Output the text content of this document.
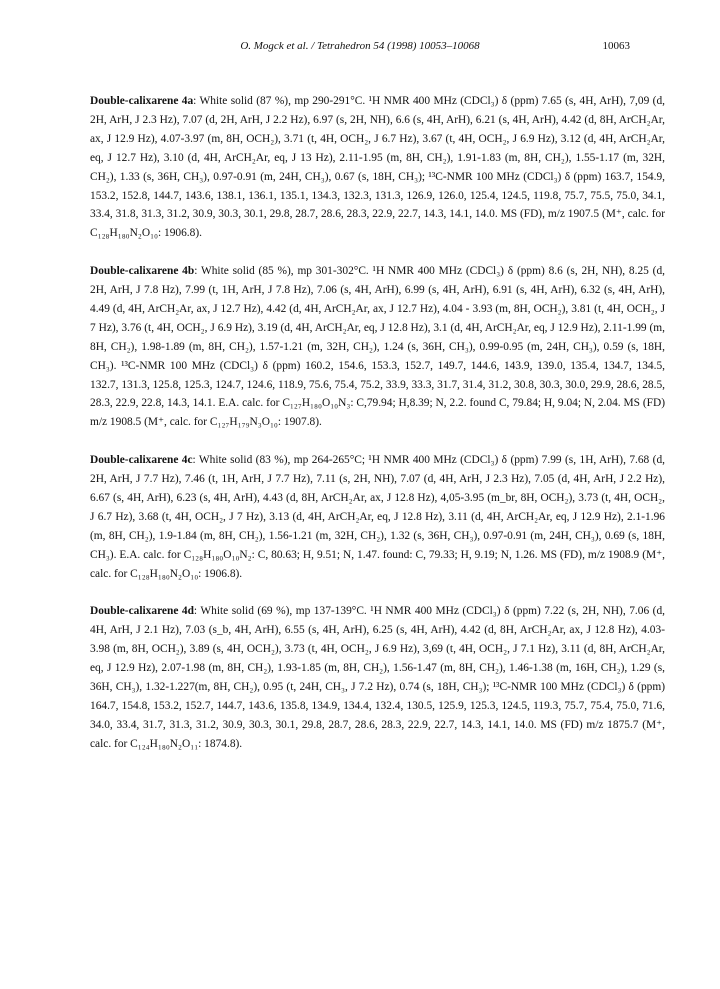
O. Mogck et al. / Tetrahedron 54 (1998) 10053–10068	10063

Double-calixarene 4a: White solid (87 %), mp 290-291°C. ¹H NMR 400 MHz (CDCl₃) δ (ppm) 7.65 (s, 4H, ArH), 7,09 (d, 2H, ArH, J 2.3 Hz), 7.07 (d, 2H, ArH, J 2.2 Hz), 6.97 (s, 2H, NH), 6.6 (s, 4H, ArH), 6.21 (s, 4H, ArH), 4.42 (d, 8H, ArCH₂Ar, ax, J 12.9 Hz), 4.07-3.97 (m, 8H, OCH₂), 3.71 (t, 4H, OCH₂, J 6.7 Hz), 3.67 (t, 4H, OCH₂, J 6.9 Hz), 3.12 (d, 4H, ArCH₂Ar, eq, J 12.7 Hz), 3.10 (d, 4H, ArCH₂Ar, eq, J 13 Hz), 2.11-1.95 (m, 8H, CH₂), 1.91-1.83 (m, 8H, CH₂), 1.55-1.17 (m, 32H, CH₂), 1.33 (s, 36H, CH₃), 0.97-0.91 (m, 24H, CH₃), 0.67 (s, 18H, CH₃); ¹³C-NMR 100 MHz (CDCl₃) δ (ppm) 163.7, 154.9, 153.2, 152.8, 144.7, 143.6, 138.1, 136.1, 135.1, 134.3, 132.3, 131.3, 126.9, 126.0, 125.4, 124.5, 119.8, 75.7, 75.5, 75.0, 34.1, 33.4, 31.8, 31.3, 31.2, 30.9, 30.3, 30.1, 29.8, 28.7, 28.6, 28.3, 22.9, 22.7, 14.3, 14.1, 14.0. MS (FD), m/z 1907.5 (M⁺, calc. for C₁₂₈H₁₈₀N₂O₁₀: 1906.8).

Double-calixarene 4b: White solid (85 %), mp 301-302°C. ¹H NMR 400 MHz (CDCl₃) δ (ppm) 8.6 (s, 2H, NH), 8.25 (d, 2H, ArH, J 7.8 Hz), 7.99 (t, 1H, ArH, J 7.8 Hz), 7.06 (s, 4H, ArH), 6.99 (s, 4H, ArH), 6.91 (s, 4H, ArH), 6.32 (s, 4H, ArH), 4.49 (d, 4H, ArCH₂Ar, ax, J 12.7 Hz), 4.42 (d, 4H, ArCH₂Ar, ax, J 12.7 Hz), 4.04 - 3.93 (m, 8H, OCH₂), 3.81 (t, 4H, OCH₂, J 7 Hz), 3.76 (t, 4H, OCH₂, J 6.9 Hz), 3.19 (d, 4H, ArCH₂Ar, eq, J 12.8 Hz), 3.1 (d, 4H, ArCH₂Ar, eq, J 12.9 Hz), 2.11-1.99 (m, 8H, CH₂), 1.98-1.89 (m, 8H, CH₂), 1.57-1.21 (m, 32H, CH₂), 1.24 (s, 36H, CH₃), 0.99-0.95 (m, 24H, CH₃), 0.59 (s, 18H, CH₃). ¹³C-NMR 100 MHz (CDCl₃) δ (ppm) 160.2, 154.6, 153.3, 152.7, 149.7, 144.6, 143.9, 139.0, 135.4, 134.7, 134.5, 132.7, 131.3, 125.8, 125.3, 124.7, 124.6, 118.9, 75.6, 75.4, 75.2, 33.9, 33.3, 31.7, 31.4, 31.2, 30.8, 30.3, 30.0, 29.9, 28.6, 28.5, 28.3, 22.9, 22.8, 14.3, 14.1. E.A. calc. for C₁₂₇H₁₈₀O₁₀N₃: C,79.94; H,8.39; N, 2.2. found C, 79.84; H, 9.04; N, 2.04. MS (FD) m/z 1908.5 (M⁺, calc. for C₁₂₇H₁₇₉N₃O₁₀: 1907.8).

Double-calixarene 4c: White solid (83 %), mp 264-265°C; ¹H NMR 400 MHz (CDCl₃) δ (ppm) 7.99 (s, 1H, ArH), 7.68 (d, 2H, ArH, J 7.7 Hz), 7.46 (t, 1H, ArH, J 7.7 Hz), 7.11 (s, 2H, NH), 7.07 (d, 4H, ArH, J 2.3 Hz), 7.05 (d, 4H, ArH, J 2.2 Hz), 6.67 (s, 4H, ArH), 6.23 (s, 4H, ArH), 4.43 (d, 8H, ArCH₂Ar, ax, J 12.8 Hz), 4,05-3.95 (m_br, 8H, OCH₂), 3.73 (t, 4H, OCH₂, J 6.7 Hz), 3.68 (t, 4H, OCH₂, J 7 Hz), 3.13 (d, 4H, ArCH₂Ar, eq, J 12.8 Hz), 3.11 (d, 4H, ArCH₂Ar, eq, J 12.9 Hz), 2.1-1.96 (m, 8H, CH₂), 1.9-1.84 (m, 8H, CH₂), 1.56-1.21 (m, 32H, CH₂), 1.32 (s, 36H, CH₃), 0.97-0.91 (m, 24H, CH₃), 0.69 (s, 18H, CH₃). E.A. calc. for C₁₂₈H₁₈₀O₁₀N₂: C, 80.63; H, 9.51; N, 1.47. found: C, 79.33; H, 9.19; N, 1.26. MS (FD), m/z 1908.9 (M⁺, calc. for C₁₂₈H₁₈₀N₂O₁₀: 1906.8).

Double-calixarene 4d: White solid (69 %), mp 137-139°C. ¹H NMR 400 MHz (CDCl₃) δ (ppm) 7.22 (s, 2H, NH), 7.06 (d, 4H, ArH, J 2.1 Hz), 7.03 (s_b, 4H, ArH), 6.55 (s, 4H, ArH), 6.25 (s, 4H, ArH), 4.42 (d, 8H, ArCH₂Ar, ax, J 12.8 Hz), 4.03-3.98 (m, 8H, OCH₂), 3.89 (s, 4H, OCH₂), 3.73 (t, 4H, OCH₂, J 6.9 Hz), 3,69 (t, 4H, OCH₂, J 7.1 Hz), 3.11 (d, 8H, ArCH₂Ar, eq, J 12.9 Hz), 2.07-1.98 (m, 8H, CH₂), 1.93-1.85 (m, 8H, CH₂), 1.56-1.47 (m, 8H, CH₂), 1.46-1.38 (m, 16H, CH₂), 1.29 (s, 36H, CH₃), 1.32-1.227(m, 8H, CH₂), 0.95 (t, 24H, CH₃, J 7.2 Hz), 0.74 (s, 18H, CH₃); ¹³C-NMR 100 MHz (CDCl₃) δ (ppm) 164.7, 154.8, 153.2, 152.7, 144.7, 143.6, 135.8, 134.9, 134.4, 132.4, 130.5, 125.9, 125.3, 124.5, 119.3, 75.7, 75.4, 75.0, 71.6, 34.0, 33.4, 31.7, 31.3, 31.2, 30.9, 30.3, 30.1, 29.8, 28.7, 28.6, 28.3, 22.9, 22.7, 14.3, 14.1, 14.0. MS (FD) m/z 1875.7 (M⁺, calc. for C₁₂₄H₁₈₀N₂O₁₁: 1874.8).
